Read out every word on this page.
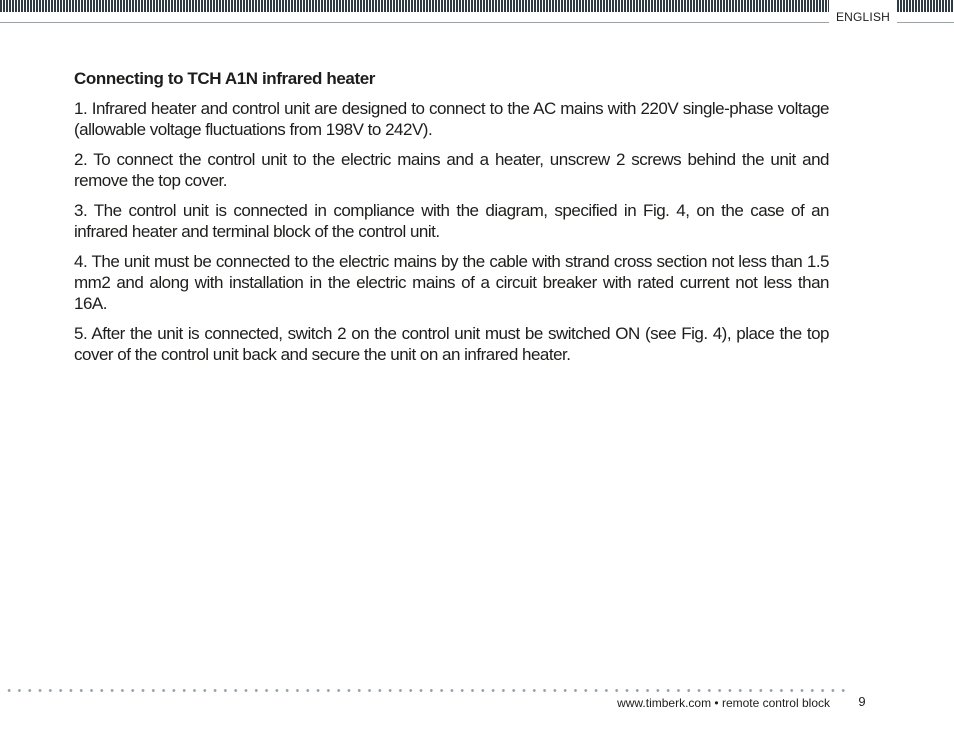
ENGLISH
Connecting to TCH A1N infrared heater

1. Infrared heater and control unit are designed to connect to the AC mains with 220V single-phase voltage (allowable voltage fluctuations from 198V to 242V).

2. To connect the control unit to the electric mains and a heater, unscrew 2 screws behind the unit and remove the top cover.

3. The control unit is connected in compliance with the diagram, specified in Fig. 4, on the case of an infrared heater and terminal block of the control unit.

4. The unit must be connected to the electric mains by the cable with strand cross section not less than 1.5 mm2 and along with installation in the electric mains of a circuit breaker with rated current not less than 16A.

5. After the unit is connected, switch 2 on the control unit must be switched ON (see Fig. 4), place the top cover of the control unit back and secure the unit on an infrared heater.

www.timberk.com • remote control block 9
